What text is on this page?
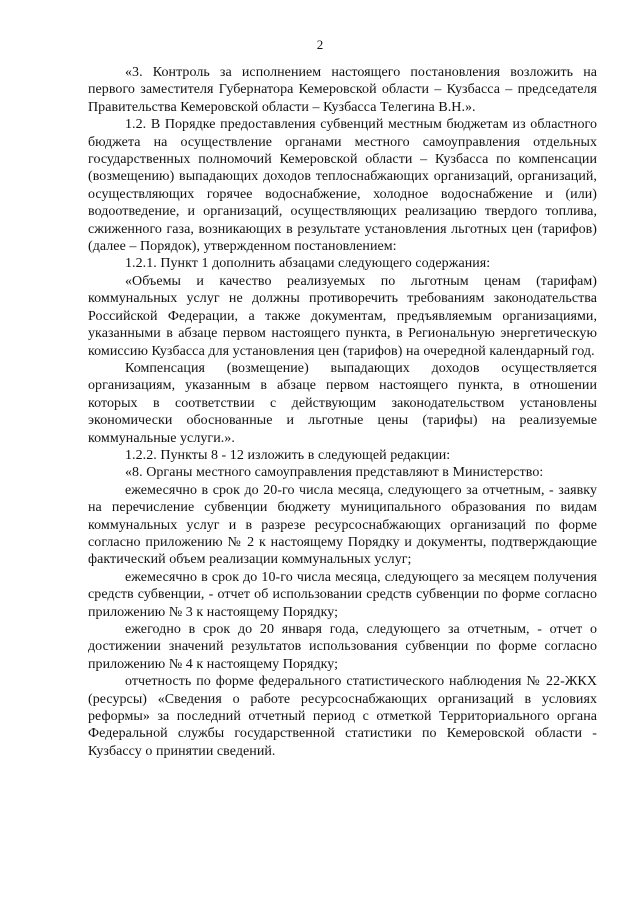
2

«3. Контроль за исполнением настоящего постановления возложить на первого заместителя Губернатора Кемеровской области – Кузбасса – председателя Правительства Кемеровской области – Кузбасса Телегина В.Н.».

1.2. В Порядке предоставления субвенций местным бюджетам из областного бюджета на осуществление органами местного самоуправления отдельных государственных полномочий Кемеровской области – Кузбасса по компенсации (возмещению) выпадающих доходов теплоснабжающих организаций, организаций, осуществляющих горячее водоснабжение, холодное водоснабжение и (или) водоотведение, и организаций, осуществляющих реализацию твердого топлива, сжиженного газа, возникающих в результате установления льготных цен (тарифов) (далее – Порядок), утвержденном постановлением:

1.2.1. Пункт 1 дополнить абзацами следующего содержания:

«Объемы и качество реализуемых по льготным ценам (тарифам) коммунальных услуг не должны противоречить требованиям законодательства Российской Федерации, а также документам, предъявляемым организациями, указанными в абзаце первом настоящего пункта, в Региональную энергетическую комиссию Кузбасса для установления цен (тарифов) на очередной календарный год.

Компенсация (возмещение) выпадающих доходов осуществляется организациям, указанным в абзаце первом настоящего пункта, в отношении которых в соответствии с действующим законодательством установлены экономически обоснованные и льготные цены (тарифы) на реализуемые коммунальные услуги.».

1.2.2. Пункты 8 - 12 изложить в следующей редакции:

«8. Органы местного самоуправления представляют в Министерство:

ежемесячно в срок до 20-го числа месяца, следующего за отчетным, - заявку на перечисление субвенции бюджету муниципального образования по видам коммунальных услуг и в разрезе ресурсоснабжающих организаций по форме согласно приложению № 2 к настоящему Порядку и документы, подтверждающие фактический объем реализации коммунальных услуг;

ежемесячно в срок до 10-го числа месяца, следующего за месяцем получения средств субвенции, - отчет об использовании средств субвенции по форме согласно приложению № 3 к настоящему Порядку;

ежегодно в срок до 20 января года, следующего за отчетным, - отчет о достижении значений результатов использования субвенции по форме согласно приложению № 4 к настоящему Порядку;

отчетность по форме федерального статистического наблюдения № 22-ЖКХ (ресурсы) «Сведения о работе ресурсоснабжающих организаций в условиях реформы» за последний отчетный период с отметкой Территориального органа Федеральной службы государственной статистики по Кемеровской области - Кузбассу о принятии сведений.
